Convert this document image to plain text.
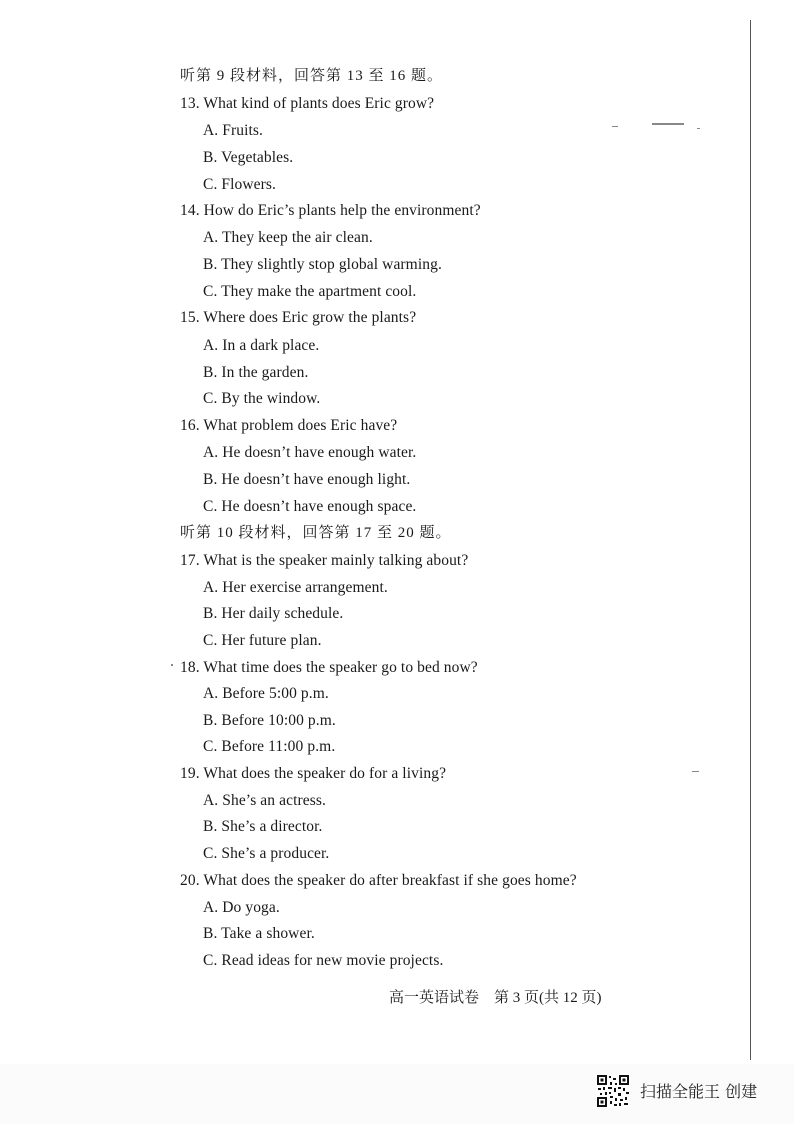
听第 9 段材料，回答第 13 至 16 题。
13. What kind of plants does Eric grow?
A. Fruits.
B. Vegetables.
C. Flowers.
14. How do Eric’s plants help the environment?
A. They keep the air clean.
B. They slightly stop global warming.
C. They make the apartment cool.
15. Where does Eric grow the plants?
A. In a dark place.
B. In the garden.
C. By the window.
16. What problem does Eric have?
A. He doesn’t have enough water.
B. He doesn’t have enough light.
C. He doesn’t have enough space.
听第 10 段材料，回答第 17 至 20 题。
17. What is the speaker mainly talking about?
A. Her exercise arrangement.
B. Her daily schedule.
C. Her future plan.
18. What time does the speaker go to bed now?
A. Before 5:00 p.m.
B. Before 10:00 p.m.
C. Before 11:00 p.m.
19. What does the speaker do for a living?
A. She’s an actress.
B. She’s a director.
C. She’s a producer.
20. What does the speaker do after breakfast if she goes home?
A. Do yoga.
B. Take a shower.
C. Read ideas for new movie projects.
高一英语试卷　第 3 页(共 12 页)
扫描全能王 创建
